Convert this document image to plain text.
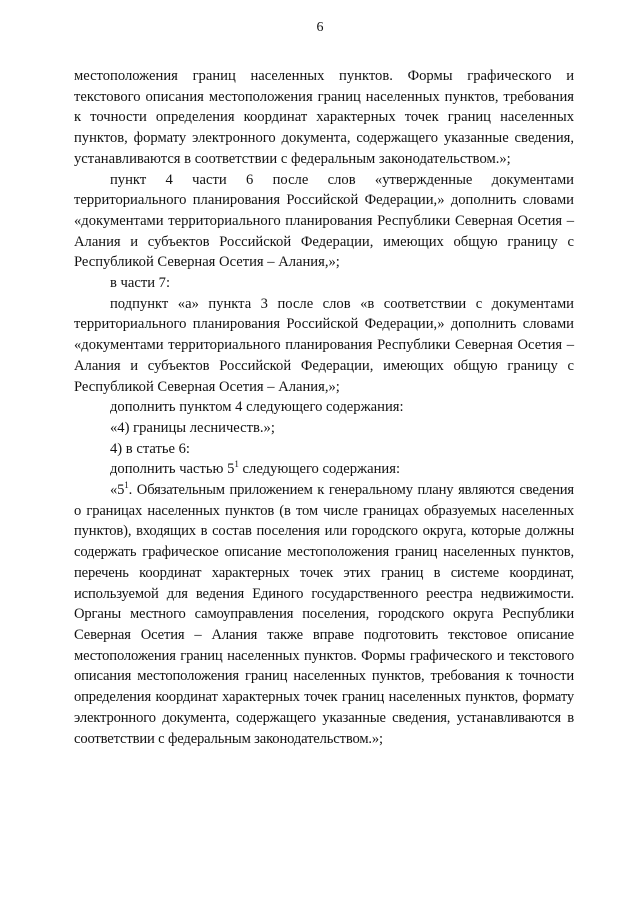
6

местоположения границ населенных пунктов. Формы графического и текстового описания местоположения границ населенных пунктов, требования к точности определения координат характерных точек границ населенных пунктов, формату электронного документа, содержащего указанные сведения, устанавливаются в соответствии с федеральным законодательством.»;

пункт 4 части 6 после слов «утвержденные документами территориального планирования Российской Федерации,» дополнить словами «документами территориального планирования Республики Северная Осетия – Алания и субъектов Российской Федерации, имеющих общую границу с Республикой Северная Осетия – Алания,»;

в части 7:

подпункт «а» пункта 3 после слов «в соответствии с документами территориального планирования Российской Федерации,» дополнить словами «документами территориального планирования Республики Северная Осетия – Алания и субъектов Российской Федерации, имеющих общую границу с Республикой Северная Осетия – Алания,»;

дополнить пунктом 4 следующего содержания:

«4) границы лесничеств.»;

4) в статье 6:

дополнить частью $5^1$ следующего содержания:

«$5^1$. Обязательным приложением к генеральному плану являются сведения о границах населенных пунктов (в том числе границах образуемых населенных пунктов), входящих в состав поселения или городского округа, которые должны содержать графическое описание местоположения границ населенных пунктов, перечень координат характерных точек этих границ в системе координат, используемой для ведения Единого государственного реестра недвижимости. Органы местного самоуправления поселения, городского округа Республики Северная Осетия – Алания также вправе подготовить текстовое описание местоположения границ населенных пунктов. Формы графического и текстового описания местоположения границ населенных пунктов, требования к точности определения координат характерных точек границ населенных пунктов, формату электронного документа, содержащего указанные сведения, устанавливаются в соответствии с федеральным законодательством.»;
